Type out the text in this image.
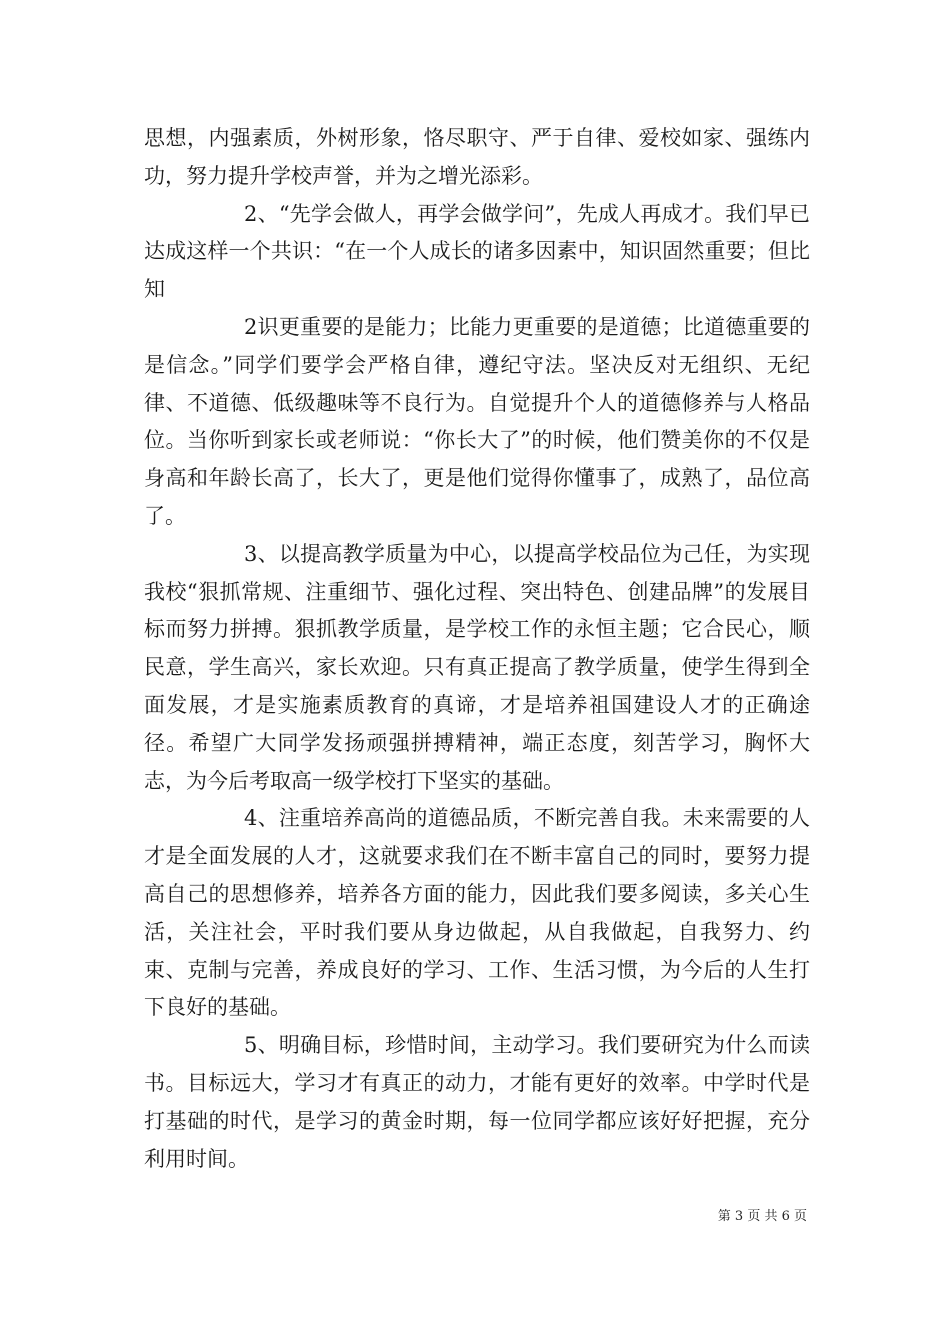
思想，内强素质，外树形象，恪尽职守、严于自律、爱校如家、强练内功，努力提升学校声誉，并为之增光添彩。

2、“先学会做人，再学会做学问”，先成人再成才。我们早已达成这样一个共识：“在一个人成长的诸多因素中，知识固然重要；但比知

2识更重要的是能力；比能力更重要的是道德；比道德重要的是信念。”同学们要学会严格自律，遵纪守法。坚决反对无组织、无纪律、不道德、低级趣味等不良行为。自觉提升个人的道德修养与人格品位。当你听到家长或老师说：“你长大了”的时候，他们赞美你的不仅是身高和年龄长高了，长大了，更是他们觉得你懂事了，成熟了，品位高了。

3、以提高教学质量为中心，以提高学校品位为己任，为实现我校“狠抓常规、注重细节、强化过程、突出特色、创建品牌”的发展目标而努力拼搏。狠抓教学质量，是学校工作的永恒主题；它合民心，顺民意，学生高兴，家长欢迎。只有真正提高了教学质量，使学生得到全面发展，才是实施素质教育的真谛，才是培养祖国建设人才的正确途径。希望广大同学发扬顽强拼搏精神，端正态度，刻苦学习，胸怀大志，为今后考取高一级学校打下坚实的基础。

4、注重培养高尚的道德品质，不断完善自我。未来需要的人才是全面发展的人才，这就要求我们在不断丰富自己的同时，要努力提高自己的思想修养，培养各方面的能力，因此我们要多阅读，多关心生活，关注社会，平时我们要从身边做起，从自我做起，自我努力、约束、克制与完善，养成良好的学习、工作、生活习惯，为今后的人生打下良好的基础。

5、明确目标，珍惜时间，主动学习。我们要研究为什么而读书。目标远大，学习才有真正的动力，才能有更好的效率。中学时代是打基础的时代，是学习的黄金时期，每一位同学都应该好好把握，充分利用时间。

第 3 页 共 6 页
